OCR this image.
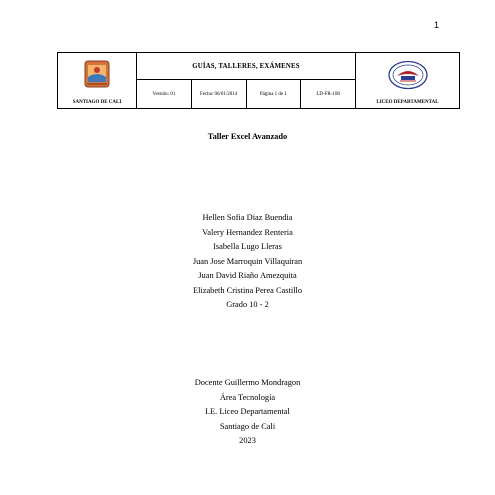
1
SANTIAGO DE CALI	GUÍAS, TALLERES, EXÁMENES				LICEO DEPARTAMENTAL

	Versión: 01	Fecha: 06/01/2014	Página 1 de 1	LD-FR-108	
Taller Excel Avanzado
Hellen Sofia Diaz Buendia
Valery Hernandez Renteria
Isabella Lugo Lleras
Juan Jose Marroquin Villaquiran
Juan David Riaño Amezquita
Elizabeth Cristina Perea Castillo
Grado 10 - 2
Docente Guillermo Mondragon
Área Tecnología
I.E. Liceo Departamental
Santiago de Cali
2023
